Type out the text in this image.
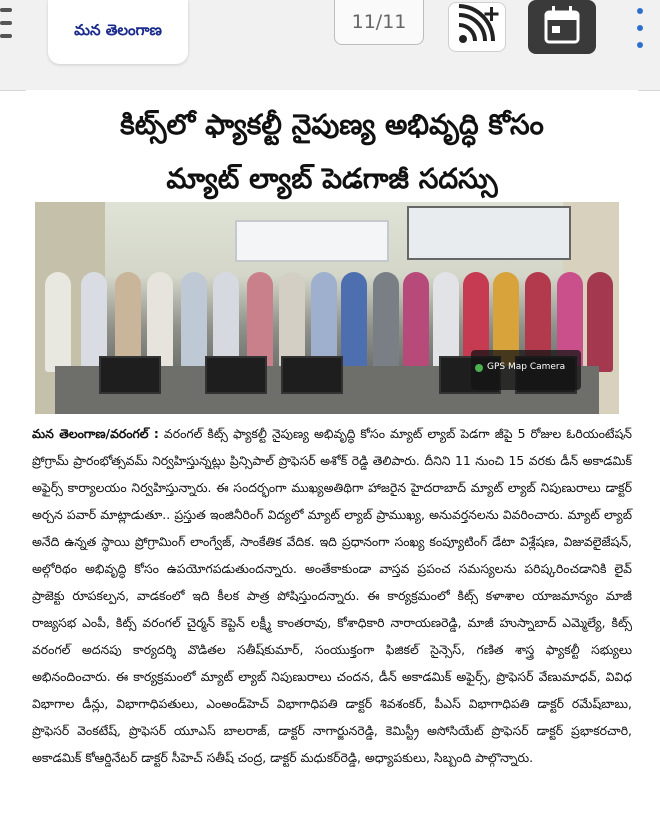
మన తెలంగాణ	11/11
కిట్స్‌లో ఫ్యాకల్టీ నైపుణ్య అభివృద్ధి కోసం
మ్యాట్ ల్యాబ్ పెడగాజీ సదస్సు
GPS Map Camera
మన తెలంగాణ/వరంగల్ : వరంగల్ కిట్స్ ఫ్యాకల్టీ నైపుణ్య అభివృద్ధి కోసం మ్యాట్ ల్యాబ్ పెడగా జీపై 5 రోజుల ఓరియంటేషన్ ప్రోగ్రామ్ ప్రారంభోత్సవమ్ నిర్వహిస్తున్నట్లు ప్రిన్సిపాల్ ప్రొఫెసర్ అశోక్ రెడ్డి తెలిపారు. దీనిని 11 నుంచి 15 వరకు డీన్ అకాడమిక్ అఫైర్స్ కార్యాలయం నిర్వహిస్తున్నారు. ఈ సందర్భంగా ముఖ్యఅతిథిగా హాజరైన హైదరాబాద్ మ్యాట్ ల్యాబ్ నిపుణురాలు డాక్టర్ అర్చన పవార్ మాట్లాడుతూ.. ప్రస్తుత ఇంజినీరింగ్ విద్యలో మ్యాట్ ల్యాబ్ ప్రాముఖ్య, అనువర్తనలను వివరించారు. మ్యాట్ ల్యాబ్ అనేది ఉన్నత స్థాయి ప్రోగ్రామింగ్ లాంగ్వేజ్, సాంకేతిక వేదిక. ఇది ప్రధానంగా సంఖ్య కంప్యూటింగ్ డేటా విశ్లేషణ, విజువలైజేషన్, అల్గోరిథం అభివృద్ధి కోసం ఉపయోగపడుతుందన్నారు. అంతేకాకుండా వాస్తవ ప్రపంచ సమస్యలను పరిష్కరించడానికి లైవ్ ప్రాజెక్టు రూపకల్పన, వాడకంలో ఇది కీలక పాత్ర పోషిస్తుందన్నారు. ఈ కార్యక్రమంలో కిట్స్ కళాశాల యాజమాన్యం మాజీ రాజ్యసభ ఎంపీ, కిట్స్ వరంగల్ చైర్మన్ కెప్టెన్ లక్ష్మీ కాంతరావు, కోశాధికారి నారాయణరెడ్డి, మాజీ హుస్నాబాద్ ఎమ్మెల్యే, కిట్స్ వరంగల్ అదనపు కార్యదర్శి వొడితల సతీష్‌కుమార్, సంయుక్తంగా ఫిజికల్ సైన్సెస్, గణిత శాస్త్ర ఫ్యాకల్టీ సభ్యులు అభినందించారు. ఈ కార్యక్రమంలో మ్యాట్ ల్యాబ్ నిపుణురాలు చందన, డీన్ అకాడమిక్ అఫైర్స్, ప్రొఫెసర్ వేణుమాధవ్, వివిధ విభాగాల డీన్లు, విభాగాధిపతులు, ఎంఅండ్‌హెచ్ విభాగాధిపతి డాక్టర్ శివశంకర్, పీఎస్ విభాగాధిపతి డాక్టర్ రమేష్‌బాబు, ప్రొఫెసర్ వెంకటేష్, ప్రొఫెసర్ యూఎస్ బాలరాజ్, డాక్టర్ నాగార్జునరెడ్డి, కెమిస్ట్రీ అసోసియేట్ ప్రొఫెసర్ డాక్టర్ ప్రభాకరచారి, అకాడమిక్ కోఆర్డినేటర్ డాక్టర్ సీహెచ్ సతీష్ చంద్ర, డాక్టర్ మధుకర్‌రెడ్డి, అధ్యాపకులు, సిబ్బంది పాల్గొన్నారు.
